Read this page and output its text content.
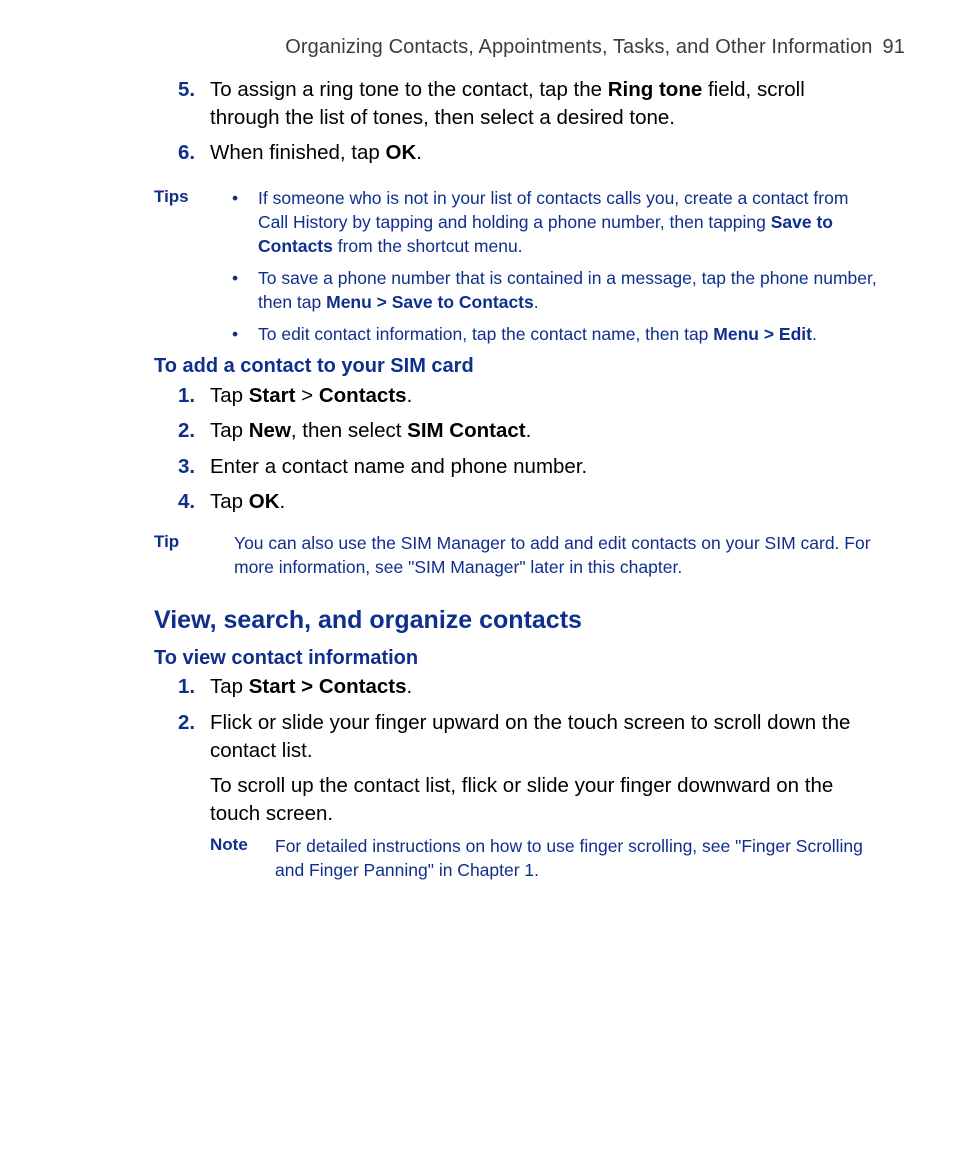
Organizing Contacts, Appointments, Tasks, and Other Information 91
5. To assign a ring tone to the contact, tap the Ring tone field, scroll through the list of tones, then select a desired tone.
6. When finished, tap OK.
Tips • If someone who is not in your list of contacts calls you, create a contact from Call History by tapping and holding a phone number, then tapping Save to Contacts from the shortcut menu.
• To save a phone number that is contained in a message, tap the phone number, then tap Menu > Save to Contacts.
• To edit contact information, tap the contact name, then tap Menu > Edit.
To add a contact to your SIM card
1. Tap Start > Contacts.
2. Tap New, then select SIM Contact.
3. Enter a contact name and phone number.
4. Tap OK.
Tip	You can also use the SIM Manager to add and edit contacts on your SIM card. For more information, see "SIM Manager" later in this chapter.
View, search, and organize contacts
To view contact information
1. Tap Start > Contacts.
2. Flick or slide your finger upward on the touch screen to scroll down the contact list.
To scroll up the contact list, flick or slide your finger downward on the touch screen.
Note For detailed instructions on how to use finger scrolling, see "Finger Scrolling and Finger Panning" in Chapter 1.
